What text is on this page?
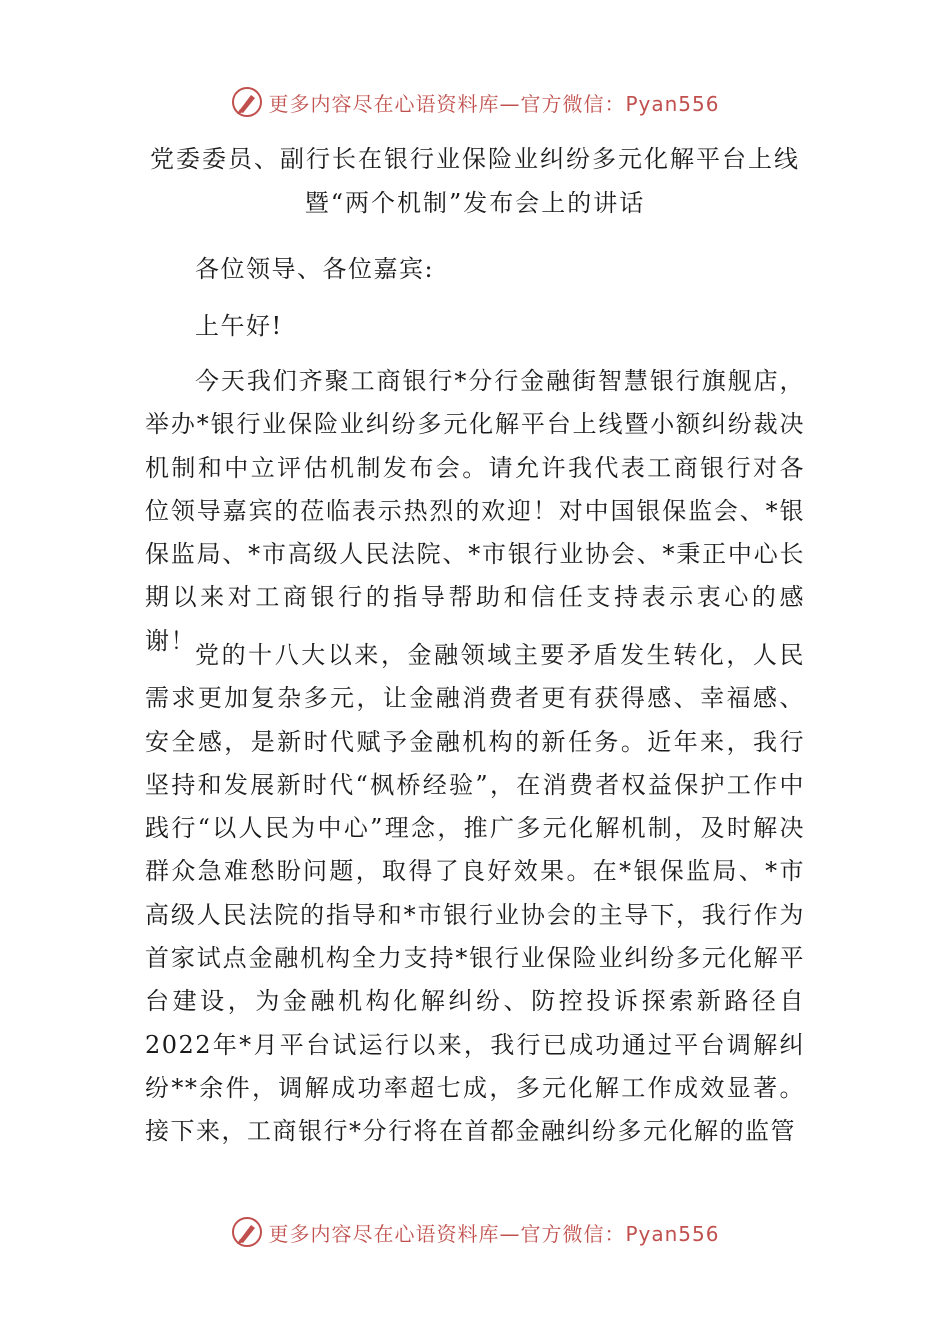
更多内容尽在心语资料库—官方微信：Pyan556
党委委员、副行长在银行业保险业纠纷多元化解平台上线
暨“两个机制”发布会上的讲话

各位领导、各位嘉宾:

上午好!

今天我们齐聚工商银行*分行金融街智慧银行旗舰店，举办*银行业保险业纠纷多元化解平台上线暨小额纠纷裁决机制和中立评估机制发布会。请允许我代表工商银行对各位领导嘉宾的莅临表示热烈的欢迎！对中国银保监会、*银保监局、*市高级人民法院、*市银行业协会、*秉正中心长期以来对工商银行的指导帮助和信任支持表示衷心的感谢！

党的十八大以来，金融领域主要矛盾发生转化，人民需求更加复杂多元，让金融消费者更有获得感、幸福感、安全感，是新时代赋予金融机构的新任务。近年来，我行坚持和发展新时代“枫桥经验”，在消费者权益保护工作中践行“以人民为中心”理念，推广多元化解机制，及时解决群众急难愁盼问题，取得了良好效果。在*银保监局、*市高级人民法院的指导和*市银行业协会的主导下，我行作为首家试点金融机构全力支持*银行业保险业纠纷多元化解平台建设，为金融机构化解纠纷、防控投诉探索新路径自2022年*月平台试运行以来，我行已成功通过平台调解纠纷**余件，调解成功率超七成，多元化解工作成效显著。接下来，工商银行*分行将在首都金融纠纷多元化解的监管

更多内容尽在心语资料库—官方微信：Pyan556
